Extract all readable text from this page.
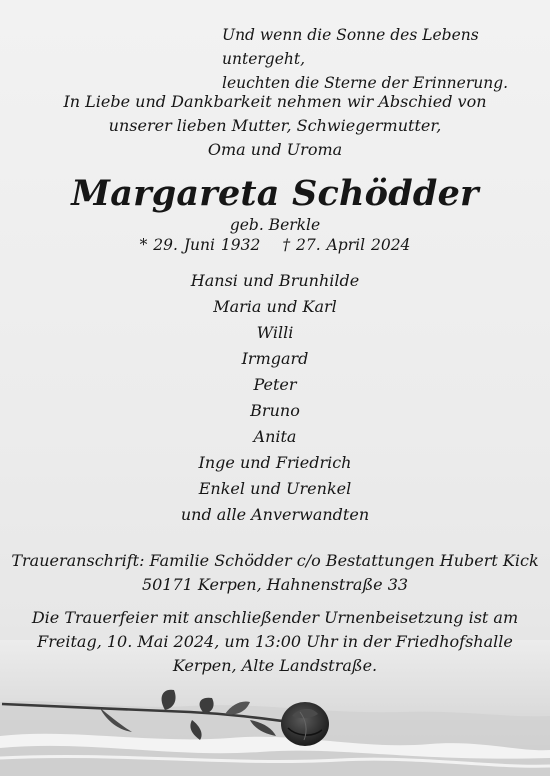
Und wenn die Sonne des Lebens untergeht,
leuchten die Sterne der Erinnerung.
In Liebe und Dankbarkeit nehmen wir Abschied von
unserer lieben Mutter, Schwiegermutter,
Oma und Uroma
Margareta Schödder
geb. Berkle
* 29. Juni 1932 † 27. April 2024
Hansi und Brunhilde
Maria und Karl
Willi
Irmgard
Peter
Bruno
Anita
Inge und Friedrich
Enkel und Urenkel
und alle Anverwandten
Traueranschrift: Familie Schödder c/o Bestattungen Hubert Kick
50171 Kerpen, Hahnenstraße 33
Die Trauerfeier mit anschließender Urnenbeisetzung ist am
Freitag, 10. Mai 2024, um 13:00 Uhr in der Friedhofshalle
Kerpen, Alte Landstraße.
